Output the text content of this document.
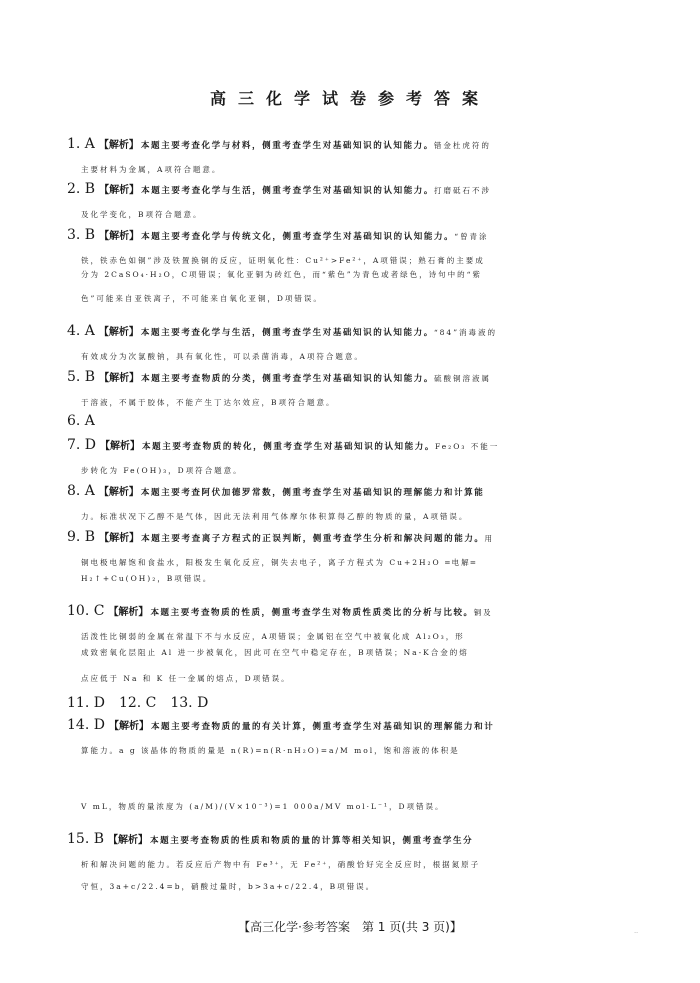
高三化学试卷参考答案
1. A 【解析】 本题主要考查化学与材料，侧重考查学生对基础知识的认知能力。错金杜虎符的
主要材料为金属，A项符合题意。
2. B 【解析】 本题主要考查化学与生活，侧重考查学生对基础知识的认知能力。打磨砥石不涉
及化学变化，B项符合题意。
3. B 【解析】 本题主要考查化学与传统文化，侧重考查学生对基础知识的认知能力。“曾青涂
铁，铁赤色如铜”涉及铁置换铜的反应，证明氧化性：Cu²⁺>Fe²⁺，A项错误；熟石膏的主要成
分为 2CaSO₄·H₂O，C项错误；氧化亚铜为砖红色，而“紫色”为青色或者绿色，诗句中的“紫
色”可能来自亚铁离子，不可能来自氧化亚铜，D项错误。
4. A 【解析】 本题主要考查化学与生活，侧重考查学生对基础知识的认知能力。“84”消毒液的
有效成分为次氯酸钠，具有氧化性，可以杀菌消毒，A项符合题意。
5. B 【解析】 本题主要考查物质的分类，侧重考查学生对基础知识的认知能力。硫酸铜溶液属
于溶液，不属于胶体，不能产生丁达尔效应，B项符合题意。
6. A
7. D 【解析】 本题主要考查物质的转化，侧重考查学生对基础知识的认知能力。Fe₂O₃ 不能一
步转化为 Fe(OH)₃，D项符合题意。
8. A 【解析】 本题主要考查阿伏加德罗常数，侧重考查学生对基础知识的理解能力和计算能
力。标准状况下乙醇不是气体，因此无法利用气体摩尔体积算得乙醇的物质的量，A项错误。
9. B 【解析】 本题主要考查离子方程式的正误判断，侧重考查学生分析和解决问题的能力。用
铜电极电解饱和食盐水，阳极发生氧化反应，铜失去电子，离子方程式为 Cu+2H₂O ═电解═
H₂↑+Cu(OH)₂，B项错误。
10. C 【解析】 本题主要考查物质的性质，侧重考查学生对物质性质类比的分析与比较。铜及
活泼性比铜弱的金属在常温下不与水反应，A项错误；金属铝在空气中被氧化成 Al₂O₃，形
成致密氧化层阻止 Al 进一步被氧化，因此可在空气中稳定存在，B项错误；Na-K合金的熔
点应低于 Na 和 K 任一金属的熔点，D项错误。
11. D　12. C　13. D
14. D 【解析】 本题主要考查物质的量的有关计算，侧重考查学生对基础知识的理解能力和计
算能力。a g 该晶体的物质的量是 n(R)=n(R·nH₂O)=a/M mol，饱和溶液的体积是
V mL，物质的量浓度为 (a/M)/(V×10⁻³)=1 000a/MV mol·L⁻¹，D项错误。
15. B 【解析】 本题主要考查物质的性质和物质的量的计算等相关知识，侧重考查学生分
析和解决问题的能力。若反应后产物中有 Fe³⁺，无 Fe²⁺，硝酸恰好完全反应时，根据氮原子
守恒，3a+c/22.4=b，硝酸过量时，b>3a+c/22.4，B项错误。
【高三化学·参考答案　第 1 页(共 3 页)】	··
